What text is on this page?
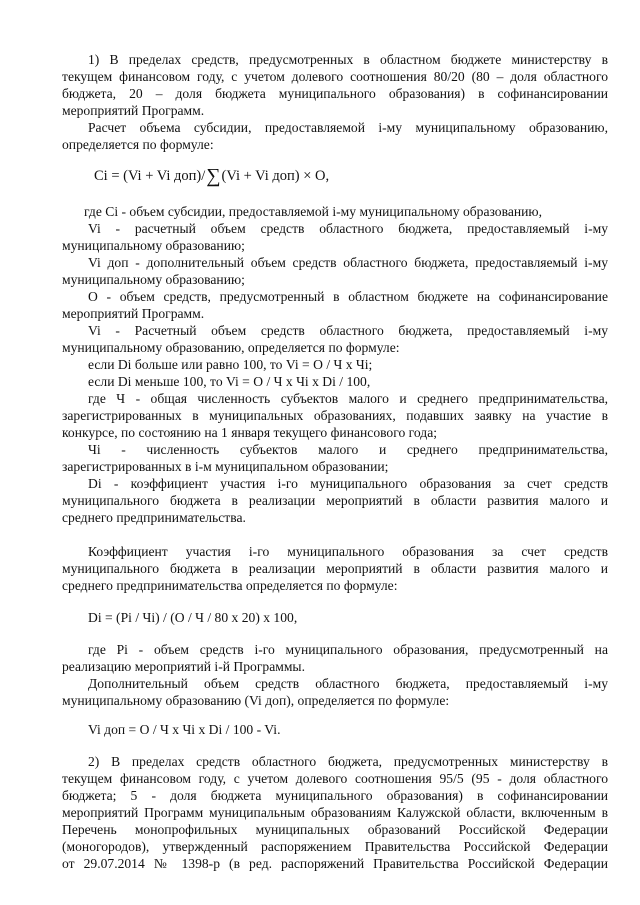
1) В пределах средств, предусмотренных в областном бюджете министерству в
текущем финансовом году, с учетом долевого соотношения 80/20 (80 – доля областного
бюджета, 20 – доля бюджета муниципального образования) в софинансировании
мероприятий Программ.
Расчет объема субсидии, предоставляемой i-му муниципальному образованию,
определяется по формуле:
Ci = (Vi + Vi доп)/∑(Vi + Vi доп) × О,
где Ci - объем субсидии, предоставляемой i-му муниципальному образованию,
Vi - расчетный объем средств областного бюджета, предоставляемый i-му
муниципальному образованию;
Vi доп - дополнительный объем средств областного бюджета, предоставляемый i-му
муниципальному образованию;
О - объем средств, предусмотренный в областном бюджете на софинансирование
мероприятий Программ.
Vi - Расчетный объем средств областного бюджета, предоставляемый i-му
муниципальному образованию, определяется по формуле:
если Di больше или равно 100, то Vi = О / Ч х Чi;
если Di меньше 100, то Vi = О / Ч х Чi х Di / 100,
где Ч - общая численность субъектов малого и среднего предпринимательства,
зарегистрированных в муниципальных образованиях, подавших заявку на участие в
конкурсе, по состоянию на 1 января текущего финансового года;
Чi - численность субъектов малого и среднего предпринимательства,
зарегистрированных в i-м муниципальном образовании;
Di - коэффициент участия i-го муниципального образования за счет средств
муниципального бюджета в реализации мероприятий в области развития малого и
среднего предпринимательства.
Коэффициент участия i-го муниципального образования за счет средств
муниципального бюджета в реализации мероприятий в области развития малого и
среднего предпринимательства определяется по формуле:
Di = (Pi / Чi) / (О / Ч / 80 х 20) х 100,
где Pi - объем средств i-го муниципального образования, предусмотренный на
реализацию мероприятий i-й Программы.
Дополнительный объем средств областного бюджета, предоставляемый i-му
муниципальному образованию (Vi доп), определяется по формуле:
Vi доп = О / Ч х Чi х Di / 100 - Vi.
2) В пределах средств областного бюджета, предусмотренных министерству в
текущем финансовом году, с учетом долевого соотношения 95/5 (95 - доля областного
бюджета; 5 - доля бюджета муниципального образования) в софинансировании
мероприятий Программ муниципальным образованиям Калужской области, включенным в
Перечень монопрофильных муниципальных образований Российской Федерации
(моногородов), утвержденный распоряжением Правительства Российской Федерации
от 29.07.2014 № 1398-р (в ред. распоряжений Правительства Российской Федерации
